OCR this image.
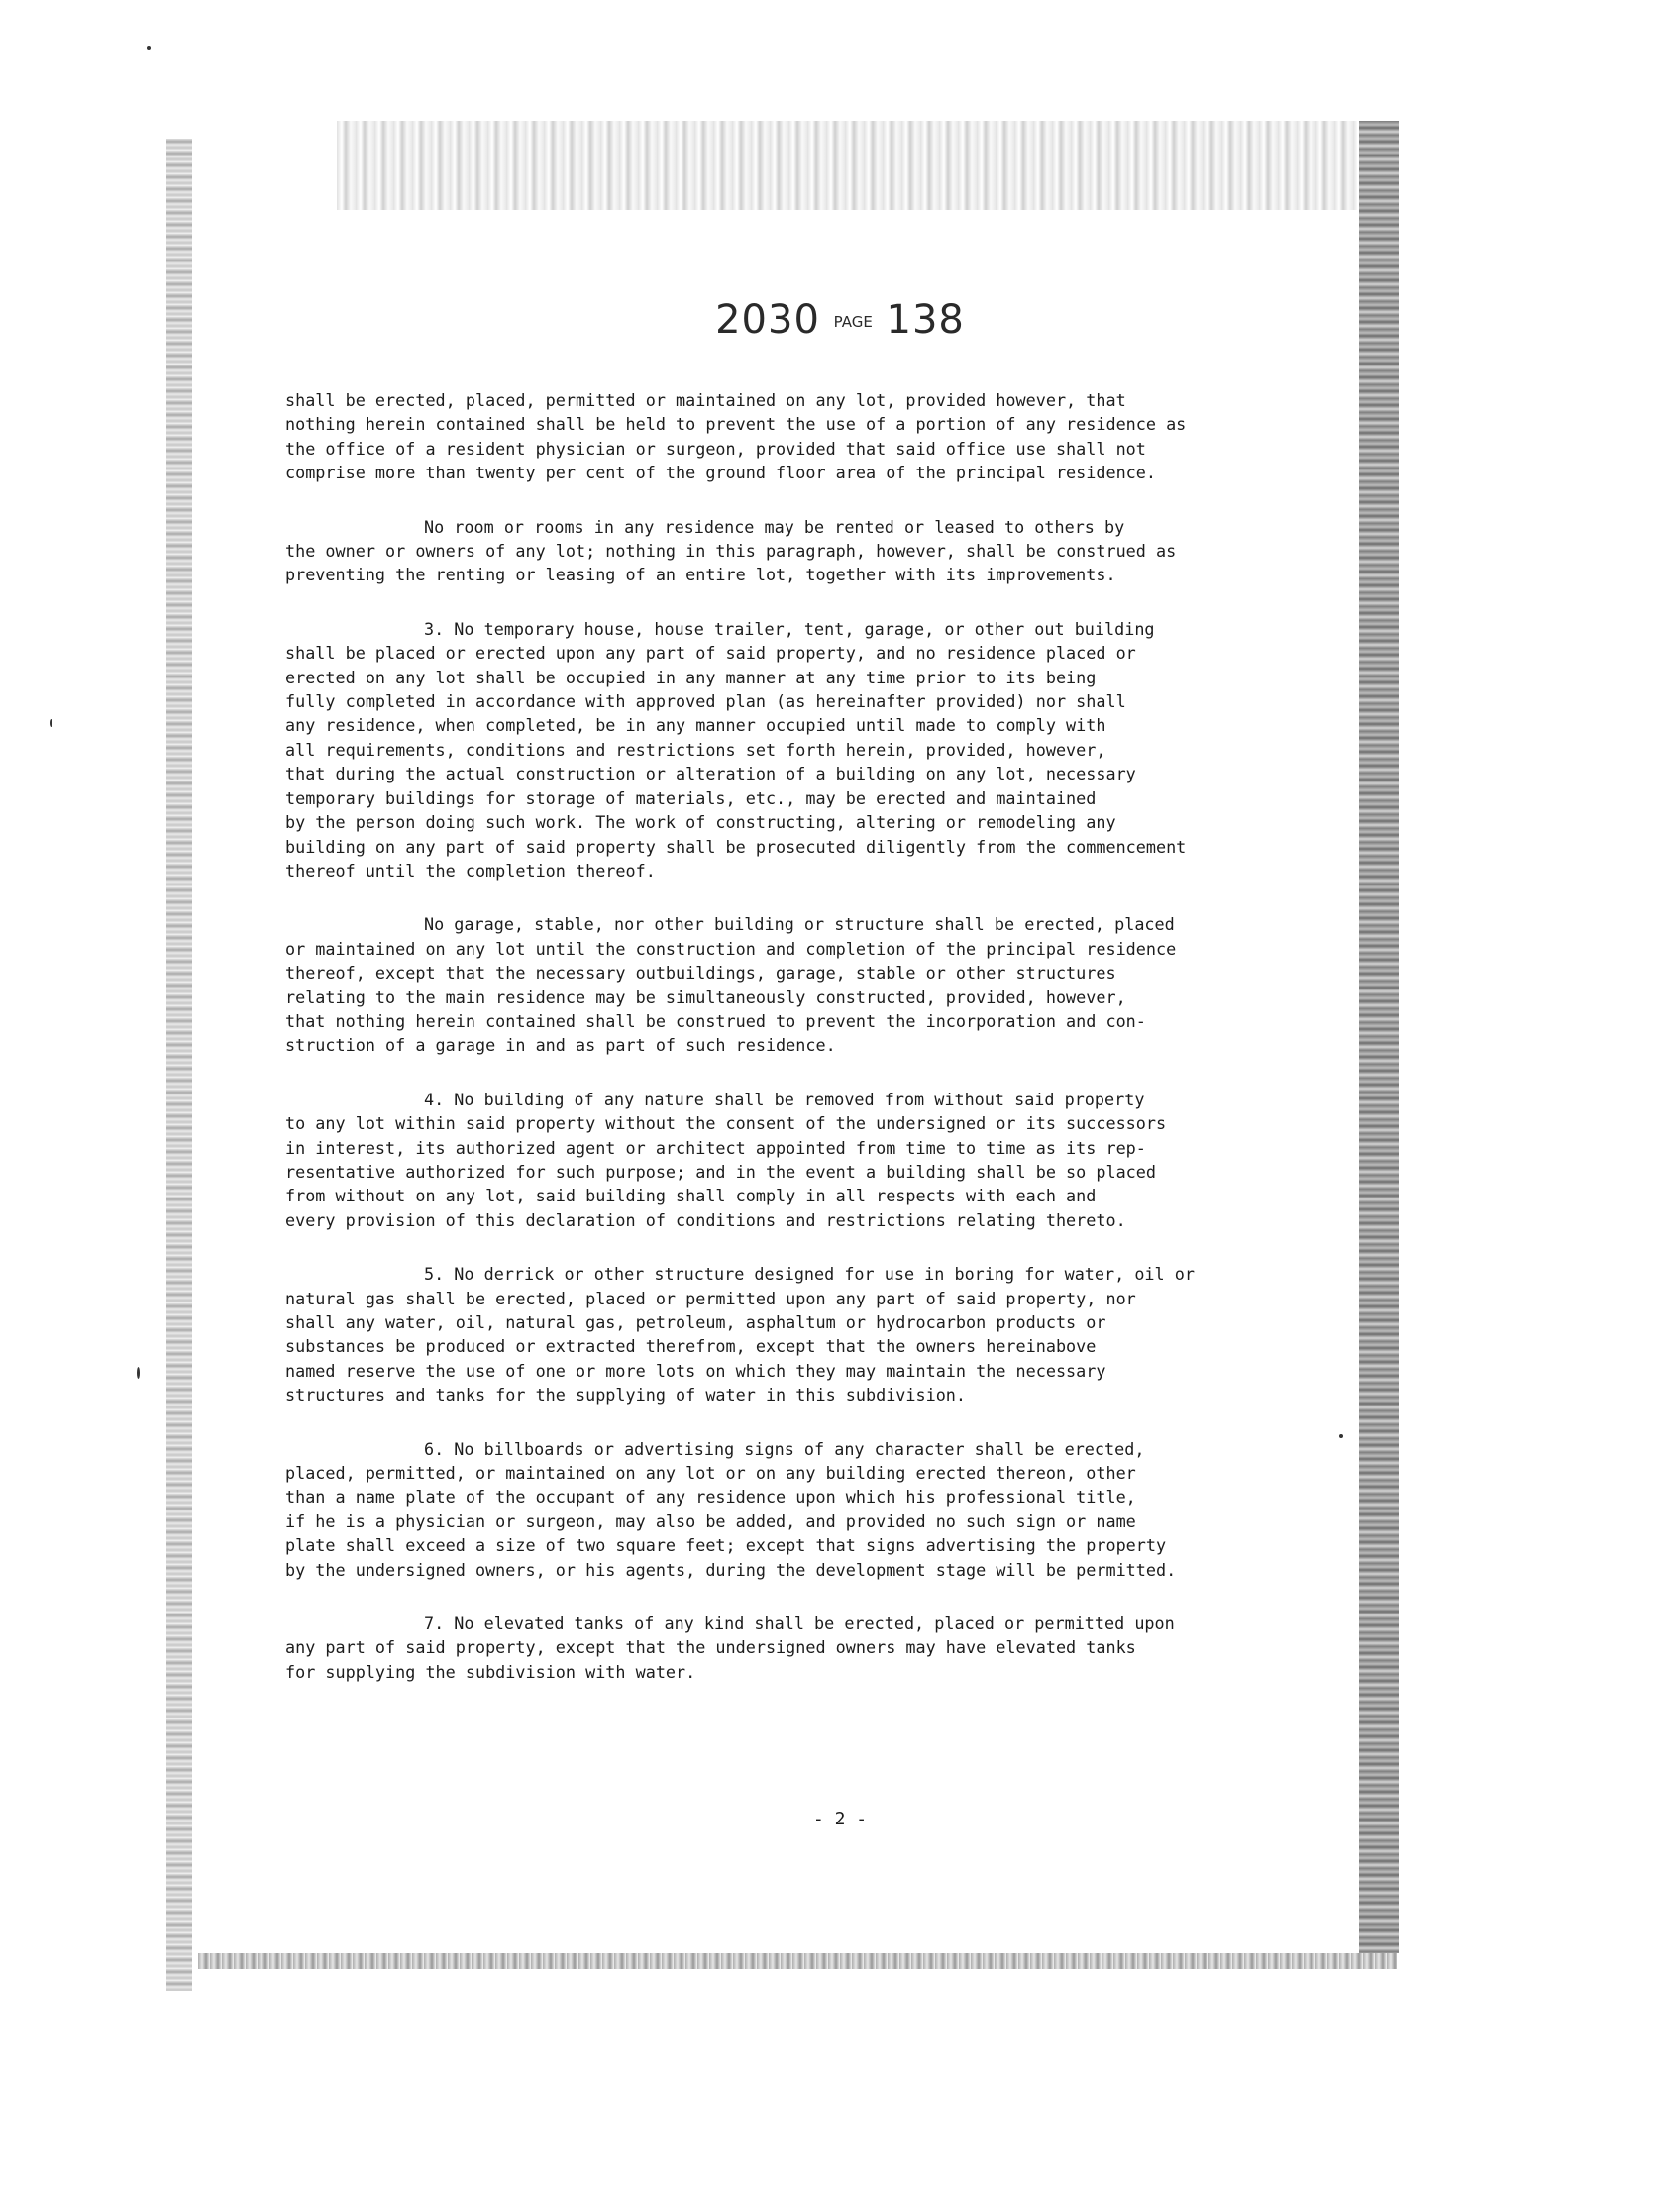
2030 PAGE 138
shall be erected, placed, permitted or maintained on any lot, provided however, that
nothing herein contained shall be held to prevent the use of a portion of any residence as
the office of a resident physician or surgeon, provided that said office use shall not
comprise more than twenty per cent of the ground floor area of the principal residence.
No room or rooms in any residence may be rented or leased to others by
the owner or owners of any lot; nothing in this paragraph, however, shall be construed as
preventing the renting or leasing of an entire lot, together with its improvements.
3. No temporary house, house trailer, tent, garage, or other out building
shall be placed or erected upon any part of said property, and no residence placed or
erected on any lot shall be occupied in any manner at any time prior to its being
fully completed in accordance with approved plan (as hereinafter provided) nor shall
any residence, when completed, be in any manner occupied until made to comply with
all requirements, conditions and restrictions set forth herein, provided, however,
that during the actual construction or alteration of a building on any lot, necessary
temporary buildings for storage of materials, etc., may be erected and maintained
by the person doing such work. The work of constructing, altering or remodeling any
building on any part of said property shall be prosecuted diligently from the commencement
thereof until the completion thereof.
No garage, stable, nor other building or structure shall be erected, placed
or maintained on any lot until the construction and completion of the principal residence
thereof, except that the necessary outbuildings, garage, stable or other structures
relating to the main residence may be simultaneously constructed, provided, however,
that nothing herein contained shall be construed to prevent the incorporation and con-
struction of a garage in and as part of such residence.
4. No building of any nature shall be removed from without said property
to any lot within said property without the consent of the undersigned or its successors
in interest, its authorized agent or architect appointed from time to time as its rep-
resentative authorized for such purpose; and in the event a building shall be so placed
from without on any lot, said building shall comply in all respects with each and
every provision of this declaration of conditions and restrictions relating thereto.
5. No derrick or other structure designed for use in boring for water, oil or
natural gas shall be erected, placed or permitted upon any part of said property, nor
shall any water, oil, natural gas, petroleum, asphaltum or hydrocarbon products or
substances be produced or extracted therefrom, except that the owners hereinabove
named reserve the use of one or more lots on which they may maintain the necessary
structures and tanks for the supplying of water in this subdivision.
6. No billboards or advertising signs of any character shall be erected,
placed, permitted, or maintained on any lot or on any building erected thereon, other
than a name plate of the occupant of any residence upon which his professional title,
if he is a physician or surgeon, may also be added, and provided no such sign or name
plate shall exceed a size of two square feet; except that signs advertising the property
by the undersigned owners, or his agents, during the development stage will be permitted.
7. No elevated tanks of any kind shall be erected, placed or permitted upon
any part of said property, except that the undersigned owners may have elevated tanks
for supplying the subdivision with water.
- 2 -
